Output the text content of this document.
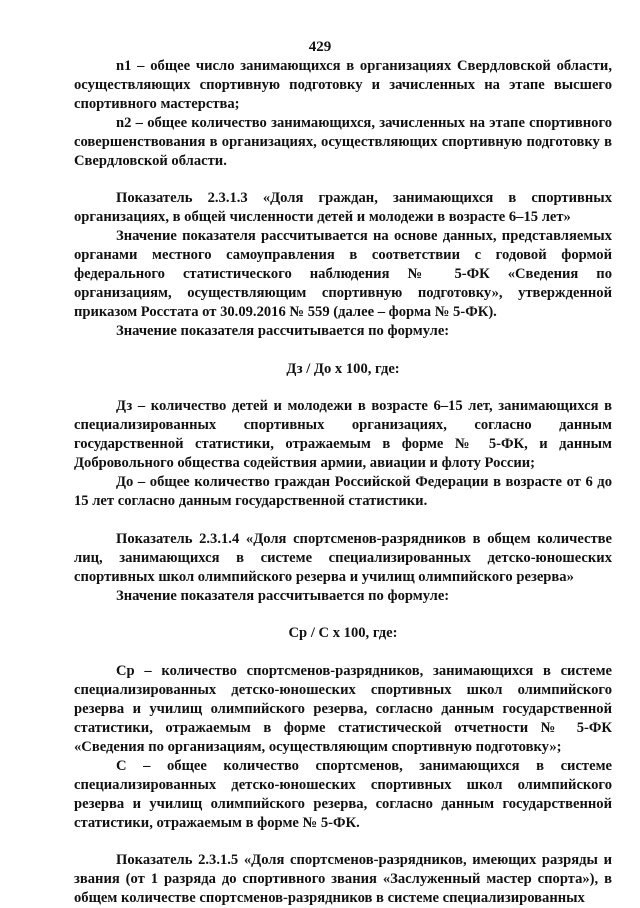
429

n1 – общее число занимающихся в организациях Свердловской области, осуществляющих спортивную подготовку и зачисленных на этапе высшего спортивного мастерства;

n2 – общее количество занимающихся, зачисленных на этапе спортивного совершенствования в организациях, осуществляющих спортивную подготовку в Свердловской области.

Показатель 2.3.1.3 «Доля граждан, занимающихся в спортивных организациях, в общей численности детей и молодежи в возрасте 6–15 лет»

Значение показателя рассчитывается на основе данных, представляемых органами местного самоуправления в соответствии с годовой формой федерального статистического наблюдения № 5-ФК «Сведения по организациям, осуществляющим спортивную подготовку», утвержденной приказом Росстата от 30.09.2016 № 559 (далее – форма № 5-ФК).

Значение показателя рассчитывается по формуле:

Дз / До х 100, где:

Дз – количество детей и молодежи в возрасте 6–15 лет, занимающихся в специализированных спортивных организациях, согласно данным государственной статистики, отражаемым в форме № 5-ФК, и данным Добровольного общества содействия армии, авиации и флоту России;

До – общее количество граждан Российской Федерации в возрасте от 6 до 15 лет согласно данным государственной статистики.

Показатель 2.3.1.4 «Доля спортсменов-разрядников в общем количестве лиц, занимающихся в системе специализированных детско-юношеских спортивных школ олимпийского резерва и училищ олимпийского резерва»

Значение показателя рассчитывается по формуле:

Ср / С х 100, где:

Ср – количество спортсменов-разрядников, занимающихся в системе специализированных детско-юношеских спортивных школ олимпийского резерва и училищ олимпийского резерва, согласно данным государственной статистики, отражаемым в форме статистической отчетности № 5-ФК «Сведения по организациям, осуществляющим спортивную подготовку»;

С – общее количество спортсменов, занимающихся в системе специализированных детско-юношеских спортивных школ олимпийского резерва и училищ олимпийского резерва, согласно данным государственной статистики, отражаемым в форме № 5-ФК.

Показатель 2.3.1.5 «Доля спортсменов-разрядников, имеющих разряды и звания (от 1 разряда до спортивного звания «Заслуженный мастер спорта»), в общем количестве спортсменов-разрядников в системе специализированных
